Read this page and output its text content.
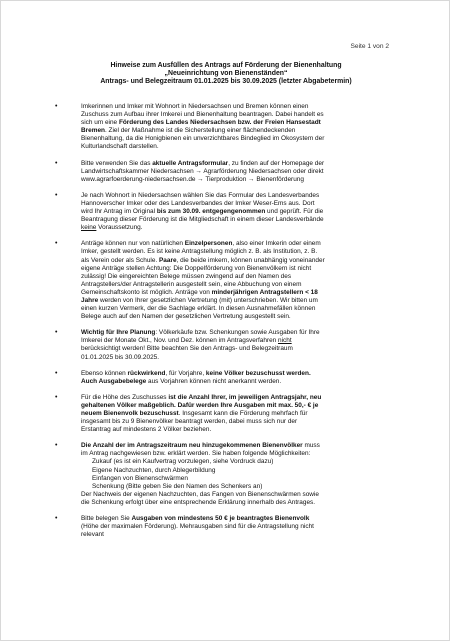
Seite 1 von 2
Hinweise zum Ausfüllen des Antrags auf Förderung der Bienenhaltung
„Neueinrichtung von Bienenständen“
Antrags- und Belegzeitraum 01.01.2025 bis 30.09.2025 (letzter Abgabetermin)
•	Imkerinnen und Imker mit Wohnort in Niedersachsen und Bremen können einen
Zuschuss zum Aufbau ihrer Imkerei und Bienenhaltung beantragen. Dabei handelt es
sich um eine Förderung des Landes Niedersachsen bzw. der Freien Hansestadt
Bremen. Ziel der Maßnahme ist die Sicherstellung einer flächendeckenden
Bienenhaltung, da die Honigbienen ein unverzichtbares Bindeglied im Ökosystem der
Kulturlandschaft darstellen.
•	Bitte verwenden Sie das aktuelle Antragsformular, zu finden auf der Homepage der
Landwirtschaftskammer Niedersachsen → Agrarförderung Niedersachsen oder direkt
www.agrarfoerderung-niedersachsen.de → Tierproduktion → Bienenförderung
•	Je nach Wohnort in Niedersachsen wählen Sie das Formular des Landesverbandes
Hannoverscher Imker oder des Landesverbandes der Imker Weser-Ems aus. Dort
wird Ihr Antrag im Original bis zum 30.09. entgegengenommen und geprüft. Für die
Beantragung dieser Förderung ist die Mitgliedschaft in einem dieser Landesverbände
keine Voraussetzung.
•	Anträge können nur von natürlichen Einzelpersonen, also einer Imkerin oder einem
Imker, gestellt werden. Es ist keine Antragstellung möglich z. B. als Institution, z. B.
als Verein oder als Schule. Paare, die beide imkern, können unabhängig voneinander
eigene Anträge stellen Achtung: Die Doppelförderung von Bienenvölkern ist nicht
zulässig! Die eingereichten Belege müssen zwingend auf den Namen des
Antragstellers/der Antragstellerin ausgestellt sein, eine Abbuchung von einem
Gemeinschaftskonto ist möglich. Anträge von minderjährigen Antragstellern < 18
Jahre werden von Ihrer gesetzlichen Vertretung (mit) unterschrieben. Wir bitten um
einen kurzen Vermerk, der die Sachlage erklärt. In diesen Ausnahmefällen können
Belege auch auf den Namen der gesetzlichen Vertretung ausgestellt sein.
•	Wichtig für Ihre Planung: Völkerkäufe bzw. Schenkungen sowie Ausgaben für Ihre
Imkerei der Monate Okt., Nov. und Dez. können im Antragsverfahren nicht
berücksichtigt werden! Bitte beachten Sie den Antrags- und Belegzeitraum
01.01.2025 bis 30.09.2025.
•	Ebenso können rückwirkend, für Vorjahre, keine Völker bezuschusst werden.
Auch Ausgabebelege aus Vorjahren können nicht anerkannt werden.
•	Für die Höhe des Zuschusses ist die Anzahl Ihrer, im jeweiligen Antragsjahr, neu
gehaltenen Völker maßgeblich. Dafür werden Ihre Ausgaben mit max. 50,- € je
neuem Bienenvolk bezuschusst. Insgesamt kann die Förderung mehrfach für
insgesamt bis zu 9 Bienenvölker beantragt werden, dabei muss sich nur der
Erstantrag auf mindestens 2 Völker beziehen.
•	Die Anzahl der im Antragszeitraum neu hinzugekommenen Bienenvölker muss
im Antrag nachgewiesen bzw. erklärt werden. Sie haben folgende Möglichkeiten:
Zukauf (es ist ein Kaufvertrag vorzulegen, siehe Vordruck dazu)
Eigene Nachzuchten, durch Ablegerbildung
Einfangen von Bienenschwärmen
Schenkung (Bitte geben Sie den Namen des Schenkers an)
Der Nachweis der eigenen Nachzuchten, das Fangen von Bienenschwärmen sowie
die Schenkung erfolgt über eine entsprechende Erklärung innerhalb des Antrages.
•	Bitte belegen Sie Ausgaben von mindestens 50 € je beantragtes Bienenvolk
(Höhe der maximalen Förderung). Mehrausgaben sind für die Antragstellung nicht
relevant
